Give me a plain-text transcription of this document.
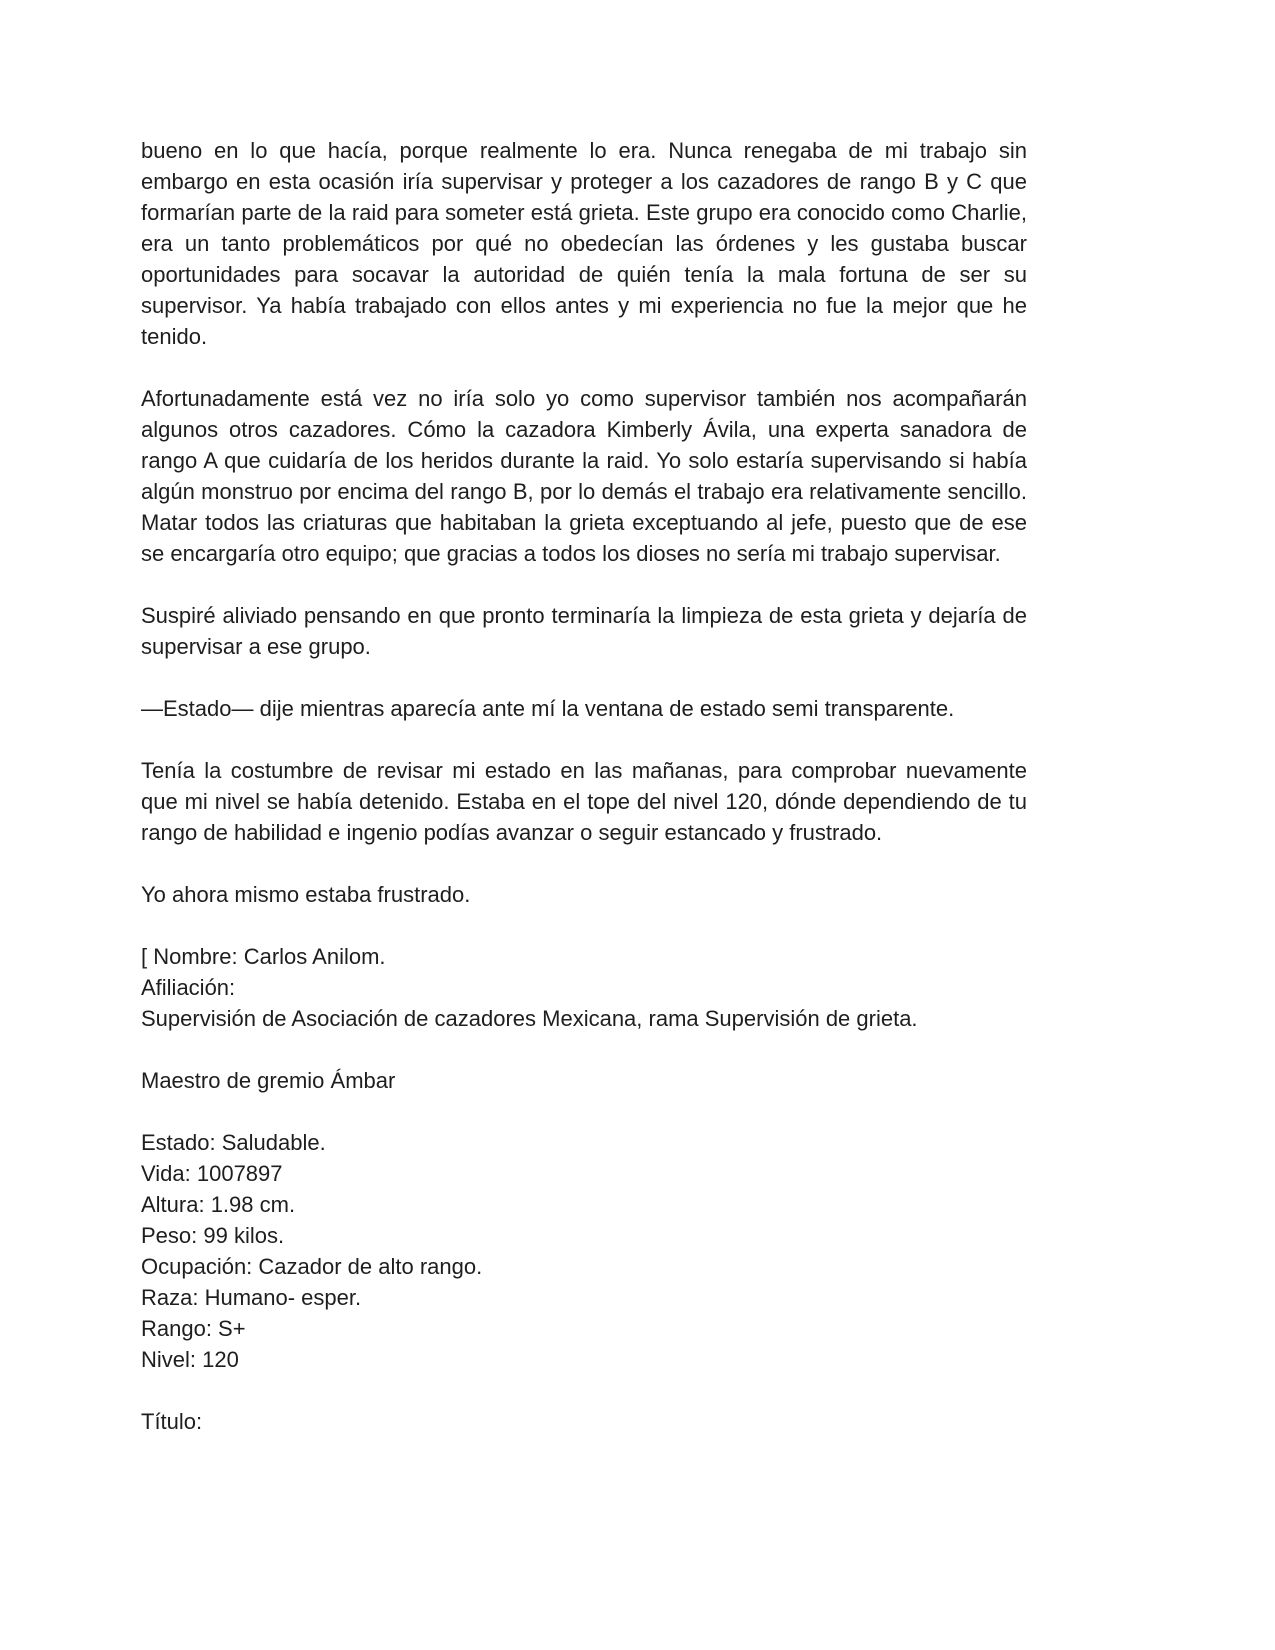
bueno en lo que hacía, porque realmente lo era. Nunca renegaba de mi trabajo sin embargo en esta ocasión iría supervisar y proteger a los cazadores de rango B y C que formarían parte de la raid para someter está grieta. Este grupo era conocido como Charlie, era un tanto problemáticos por qué no obedecían las órdenes y les gustaba buscar oportunidades para socavar la autoridad de quién tenía la mala fortuna de ser su supervisor. Ya había trabajado con ellos antes y mi experiencia no fue la mejor que he tenido.

Afortunadamente está vez no iría solo yo como supervisor también nos acompañarán algunos otros cazadores. Cómo la cazadora Kimberly Ávila, una experta sanadora de rango A que cuidaría de los heridos durante la raid. Yo solo estaría supervisando si había algún monstruo por encima del rango B, por lo demás el trabajo era relativamente sencillo. Matar todos las criaturas que habitaban la grieta exceptuando al jefe, puesto que de ese se encargaría otro equipo; que gracias a todos los dioses no sería mi trabajo supervisar.

Suspiré aliviado pensando en que pronto terminaría la limpieza de esta grieta y dejaría de supervisar a ese grupo.

—Estado— dije mientras aparecía ante mí la ventana de estado semi transparente.

Tenía la costumbre de revisar mi estado en las mañanas, para comprobar nuevamente que mi nivel se había detenido. Estaba en el tope del nivel 120, dónde dependiendo de tu rango de habilidad e ingenio podías avanzar o seguir estancado y frustrado.

Yo ahora mismo estaba frustrado.

[ Nombre: Carlos Anilom.
Afiliación:
Supervisión de Asociación de cazadores Mexicana, rama Supervisión de grieta.

Maestro de gremio Ámbar

Estado: Saludable.
Vida: 1007897
Altura: 1.98 cm.
Peso: 99 kilos.
Ocupación: Cazador de alto rango.
Raza: Humano- esper.
Rango: S+
Nivel: 120

Título:
